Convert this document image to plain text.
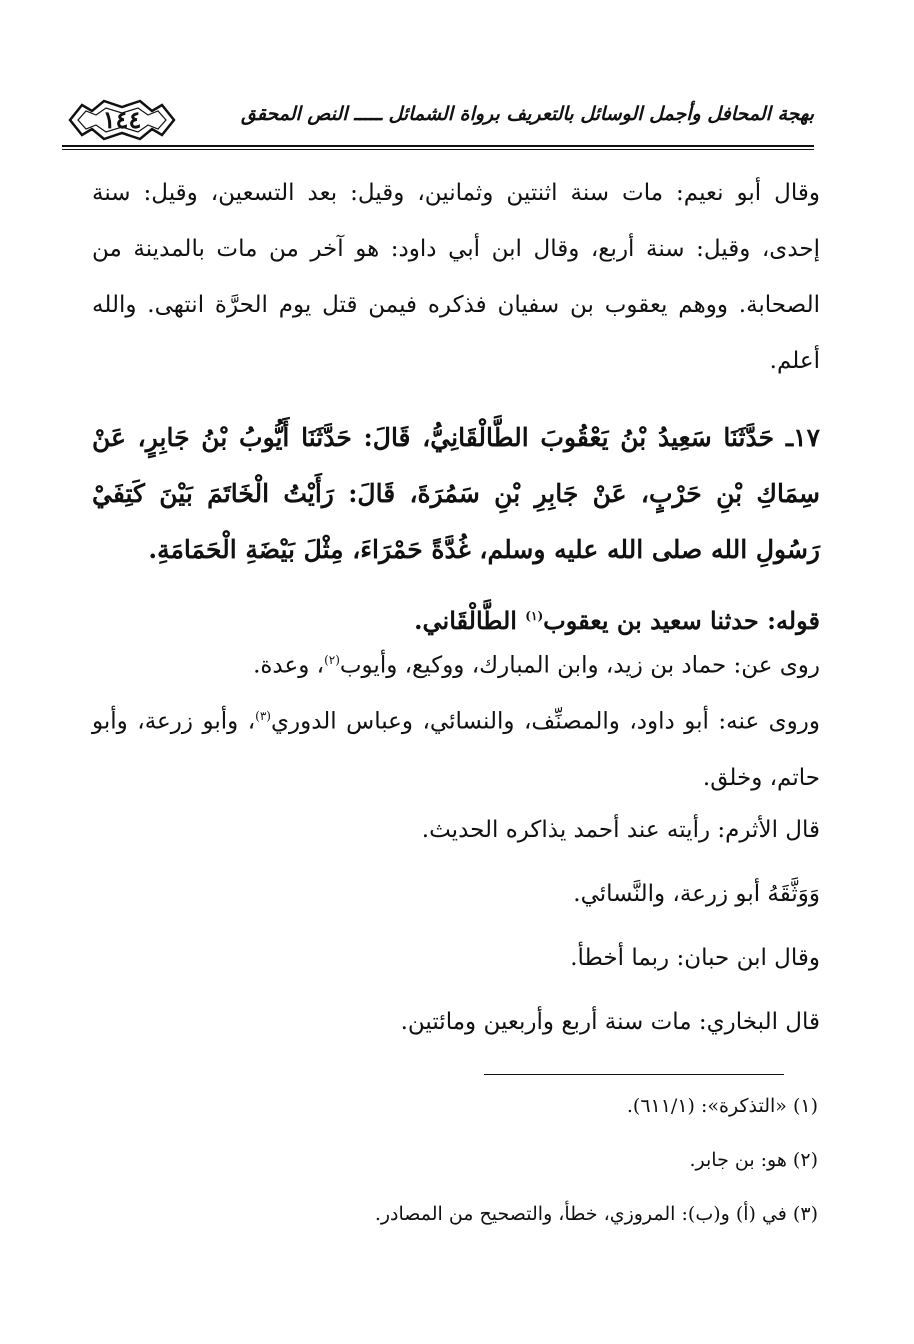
بهجة المحافل وأجمل الوسائل بالتعريف برواة الشمائل ـــــ النص المحقق
١٤٤

وقال أبو نعيم: مات سنة اثنتين وثمانين، وقيل: بعد التسعين، وقيل: سنة إحدى، وقيل: سنة أربع، وقال ابن أبي داود: هو آخر من مات بالمدينة من الصحابة. ووهم يعقوب بن سفيان فذكره فيمن قتل يوم الحرَّة انتهى. والله أعلم.

١٧ـ حَدَّثَنَا سَعِيدُ بْنُ يَعْقُوبَ الطَّالْقَانِيُّ، قَالَ: حَدَّثَنَا أَيُّوبُ بْنُ جَابِرٍ، عَنْ سِمَاكِ بْنِ حَرْبٍ، عَنْ جَابِرِ بْنِ سَمُرَةَ، قَالَ: رَأَيْتُ الْخَاتَمَ بَيْنَ كَتِفَيْ رَسُولِ الله صلى الله عليه وسلم، غُدَّةً حَمْرَاءَ، مِثْلَ بَيْضَةِ الْحَمَامَةِ.

قوله: حدثنا سعيد بن يعقوب$^{(١)}$ الطَّالْقَاني.

روى عن: حماد بن زيد، وابن المبارك، ووكيع، وأيوب$^{(٢)}$، وعدة.

وروى عنه: أبو داود، والمصنِّف، والنسائي، وعباس الدوري$^{(٣)}$، وأبو زرعة، وأبو حاتم، وخلق.

قال الأثرم: رأيته عند أحمد يذاكره الحديث.
وَوَثَّقَهُ أبو زرعة، والنَّسائي.
وقال ابن حبان: ربما أخطأ.
قال البخاري: مات سنة أربع وأربعين ومائتين.
(١) «التذكرة»: (٦١١/١).
(٢) هو: بن جابر.
(٣) في (أ) و(ب): المروزي، خطأ، والتصحيح من المصادر.
